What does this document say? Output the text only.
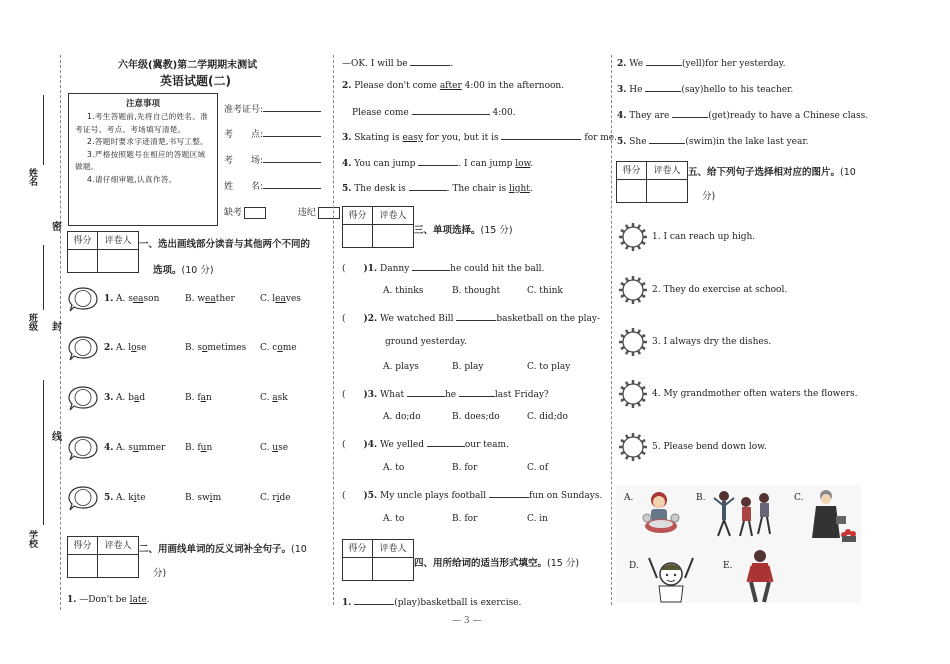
姓名
班级
学校
密
封
线
六年级(冀教)第二学期期末测试
英语试题(二)
注意事项

1.考生答题前,先将自己的姓名、准考证号、考点、考场填写清楚。

2.答题时要求字迹清楚,书写工整。

3.严格按照题号在相应的答题区域做题。

4.请仔细审题,认真作答。

准考证号:
考　　点:
考　　场:
姓　　名:
缺考	违纪
得分	评卷人 一、选出画线部分读音与其他两个不同的
选项。(10 分)
1. A. season	B. weather	C. leaves
2. A. lose	B. sometimes C. come
3. A. bad	B. fan	C. ask
4. A. summer B. fun	C. use
5. A. kite	B. swim	C. ride
得分	评卷人 二、用画线单词的反义词补全句子。(10
分)
1. —Don't be late.
—OK. I will be	.
2. Please don't come after 4:00 in the afternoon.
Please come	4:00.
3. Skating is easy for you, but it is	for me.
4. You can jump	. I can jump low.
5. The desk is	. The chair is light.
得分	评卷人
三、单项选择。(15 分)
(　　)1. Danny	he could hit the ball.
A. thinks	B. thought	C. think
(　　)2. We watched Bill	basketball on the play-
ground yesterday.
A. plays	B. play	C. to play
(　　)3. What	he	last Friday?
A. do;do	B. does;do	C. did;do
(　　)4. We yelled	our team.
A. to	B. for	C. of
(　　)5. My uncle plays football	fun on Sundays.
A. to	B. for	C. in
得分	评卷人
四、用所给词的适当形式填空。(15 分)
1.	(play)basketball is exercise.
2. We	(yell)for her yesterday.
3. He	(say)hello to his teacher.
4. They are	(get)ready to have a Chinese class.
5. She	(swim)in the lake last year.
得分	评卷人 五、给下列句子选择相对应的图片。(10
分)
1. I can reach up high.
2. They do exercise at school.
3. I always dry the dishes.
4. My grandmother often waters the flowers.
5. Please bend down low.
A.	B.	C.
D.	E.
— 3 —
